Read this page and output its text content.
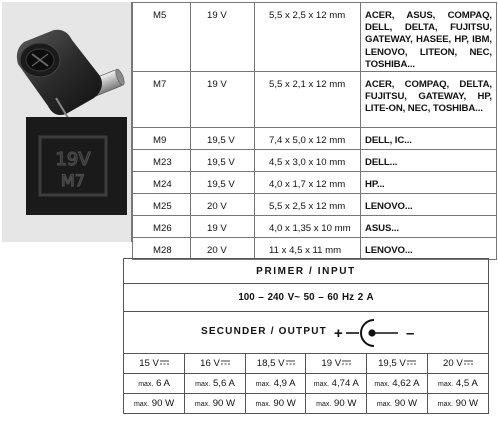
19V
M7
M5	19 V	5,5 x 2,5 x 12 mm	ACER, ASUS, COMPAQ, DELL, DELTA, FUJITSU, GATEWAY, HASEE, HP, IBM, LENOVO, LITEON, NEC, TOSHIBA...
M7	19 V	5,5 x 2,1 x 12 mm	ACER, COMPAQ, DELTA, FUJITSU, GATEWAY, HP, LITE-ON, NEC, TOSHIBA...
M9	19,5 V	7,4 x 5,0 x 12 mm	DELL, IC...
M23	19,5 V	4,5 x 3,0 x 10 mm	DELL...
M24	19,5 V	4,0 x 1,7 x 12 mm	HP...
M25	20 V	5,5 x 2,5 x 12 mm	LENOVO...
M26	19 V	4,0 x 1,35 x 10 mm	ASUS...
M28	20 V	11 x 4,5 x 11 mm	LENOVO...
PRIMER / INPUT
100 – 240 V~ 50 – 60 Hz 2 A
SECUNDER / OUTPUT +	–
15 V	16 V	18,5 V	19 V	19,5 V	20 V
max. 6 A	max. 5,6 A	max. 4,9 A	max. 4,74 A	max. 4,62 A	max. 4,5 A
max. 90 W	max. 90 W	max. 90 W	max. 90 W	max. 90 W	max. 90 W
